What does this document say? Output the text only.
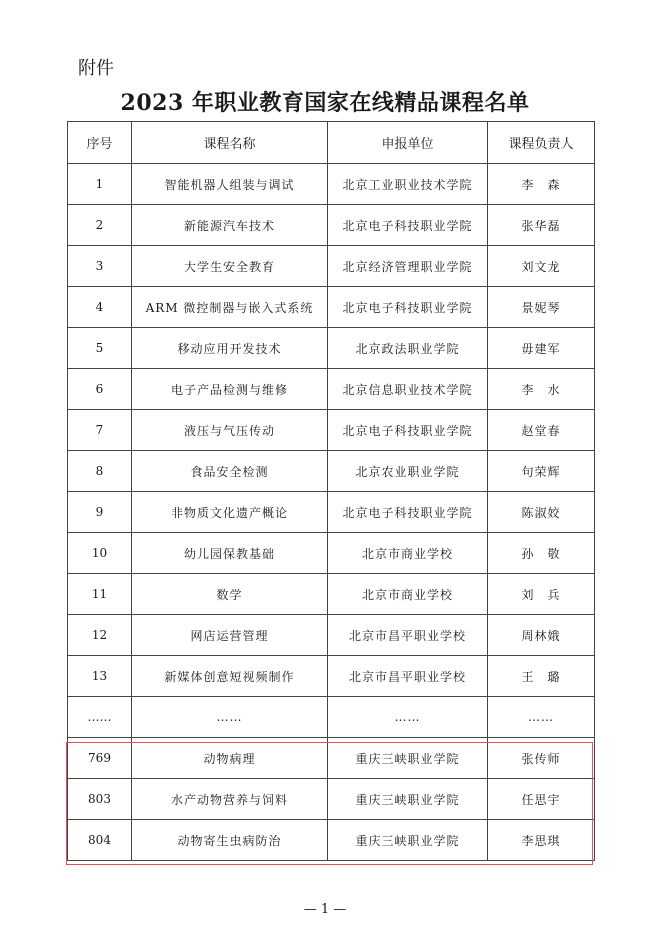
附件
2023 年职业教育国家在线精品课程名单
序号	课程名称	申报单位	课程负责人
1	智能机器人组装与调试	北京工业职业技术学院	李　森
2	新能源汽车技术	北京电子科技职业学院	张华磊
3	大学生安全教育	北京经济管理职业学院	刘文龙
4	ARM 微控制器与嵌入式系统	北京电子科技职业学院	景妮琴
5	移动应用开发技术	北京政法职业学院	毋建军
6	电子产品检测与维修	北京信息职业技术学院	李　水
7	液压与气压传动	北京电子科技职业学院	赵堂春
8	食品安全检测	北京农业职业学院	句荣辉
9	非物质文化遗产概论	北京电子科技职业学院	陈淑姣
10	幼儿园保教基础	北京市商业学校	孙　敬
11	数学	北京市商业学校	刘　兵
12	网店运营管理	北京市昌平职业学校	周林娥
13	新媒体创意短视频制作	北京市昌平职业学校	王　璐
……	……	……	……
769	动物病理	重庆三峡职业学院	张传师
803	水产动物营养与饲料	重庆三峡职业学院	任思宇
804	动物寄生虫病防治	重庆三峡职业学院	李思琪
— 1 —
